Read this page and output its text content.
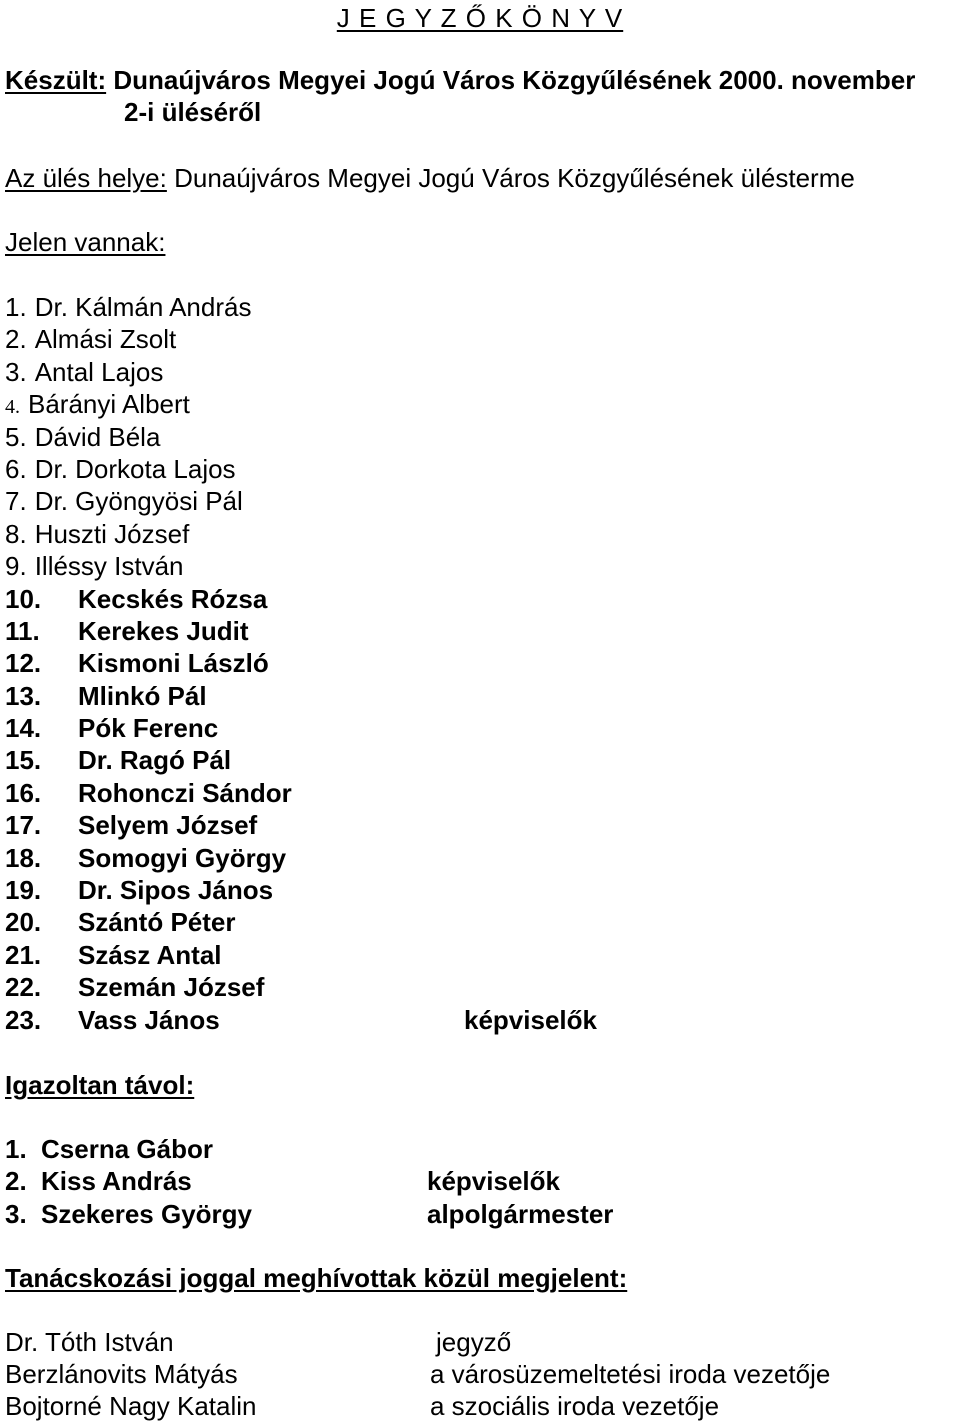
J E G Y Z Ő K Ö N Y V
Készült: Dunaújváros Megyei Jogú Város Közgyűlésének 2000. november
2-i üléséről
Az ülés helye: Dunaújváros Megyei Jogú Város Közgyűlésének ülésterme
Jelen vannak:
1. Dr. Kálmán András
2. Almási Zsolt
3. Antal Lajos
4. Bárányi Albert
5. Dávid Béla
6. Dr. Dorkota Lajos
7. Dr. Gyöngyösi Pál
8. Huszti József
9. Illéssy István
10. Kecskés Rózsa
11. Kerekes Judit
12. Kismoni László
13. Mlinkó Pál
14. Pók Ferenc
15. Dr. Ragó Pál
16. Rohonczi Sándor
17. Selyem József
18. Somogyi György
19. Dr. Sipos János
20. Szántó Péter
21. Szász Antal
22. Szemán József
23. Vass János	képviselők
Igazoltan távol:
1. Cserna Gábor
2. Kiss András	képviselők
3. Szekeres György	alpolgármester
Tanácskozási joggal meghívottak közül megjelent:
Dr. Tóth István	jegyző
Berzlánovits Mátyás	a városüzemeltetési iroda vezetője
Bojtorné Nagy Katalin	a szociális iroda vezetője
